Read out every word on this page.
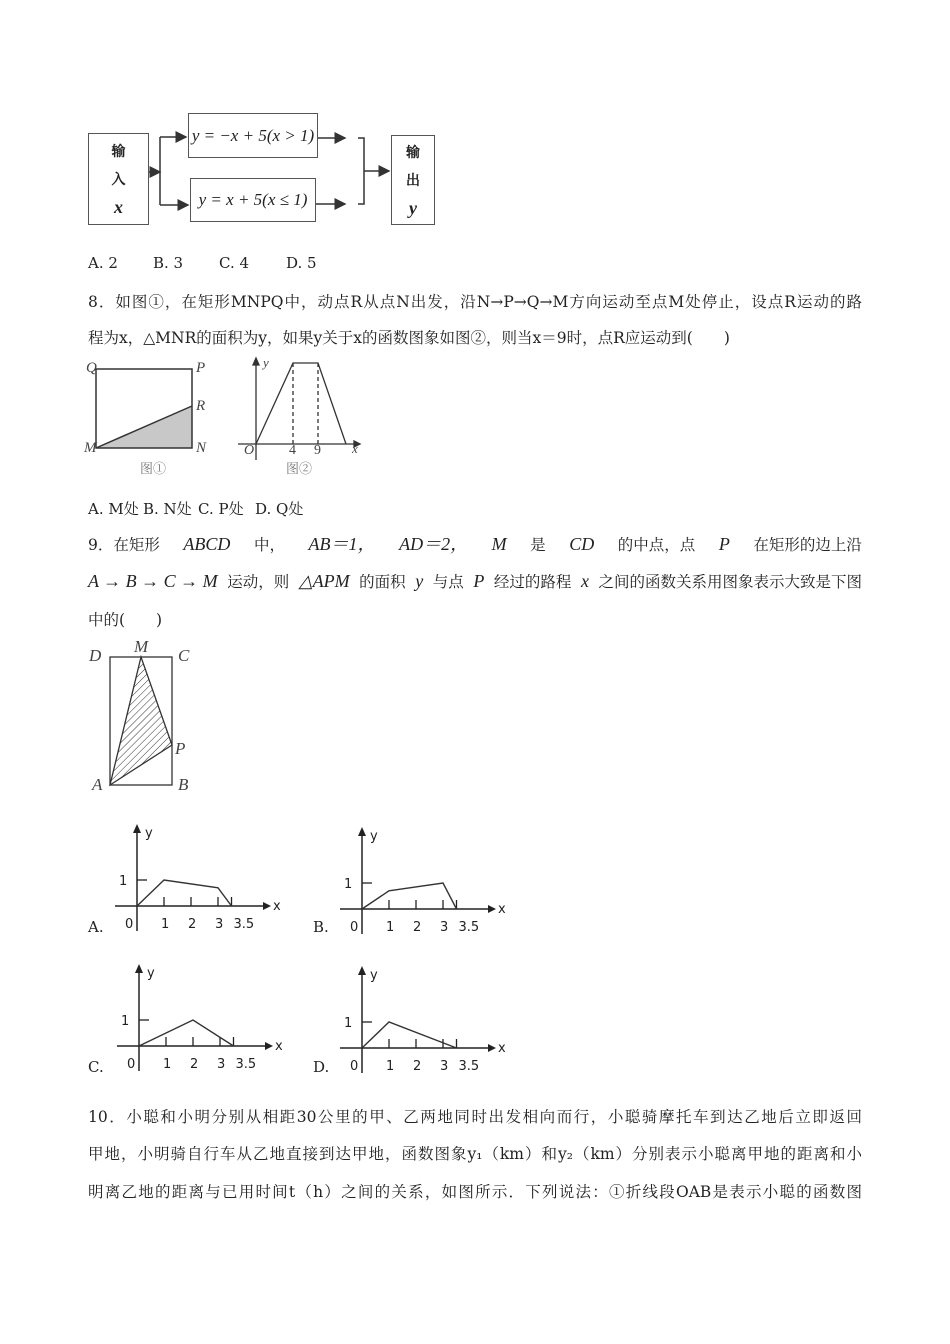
输
入
x
y = −x + 5(x > 1)
y = x + 5(x ≤ 1)
输
出
y
A. 2 B. 3 C. 4 D. 5
8．如图①，在矩形MNPQ中，动点R从点N出发，沿N→P→Q→M方向运动至点M处停止，设点R运动的路
程为x，△MNR的面积为y，如果y关于x的函数图象如图②，则当x＝9时，点R应运动到(　　)
Q	P
R
M	N
图①
y
x
O 4 9
图②
A. M处 B. N处 C. P处 D. Q处
9．在矩形 ABCD 中， AB＝1， AD＝2， M 是 CD 的中点，点 P 在矩形的边上沿
A → B → C → M 运动，则 △APM 的面积 y 与点 P 经过的路程 x 之间的函数关系用图象表示大致是下图
中的(　　)
D M C
P
A	B
A.
y
x
1
0 1 2 3 3.5	B.
y
x
1
0 1 2 3 3.5
C.
y
x
1
0 1 2 3 3.5	D.
y
x
1
0 1 2 3 3.5
10．小聪和小明分别从相距30公里的甲、乙两地同时出发相向而行，小聪骑摩托车到达乙地后立即返回
甲地，小明骑自行车从乙地直接到达甲地，函数图象y₁（km）和y₂（km）分别表示小聪离甲地的距离和小
明离乙地的距离与已用时间t（h）之间的关系，如图所示．下列说法：①折线段OAB是表示小聪的函数图
